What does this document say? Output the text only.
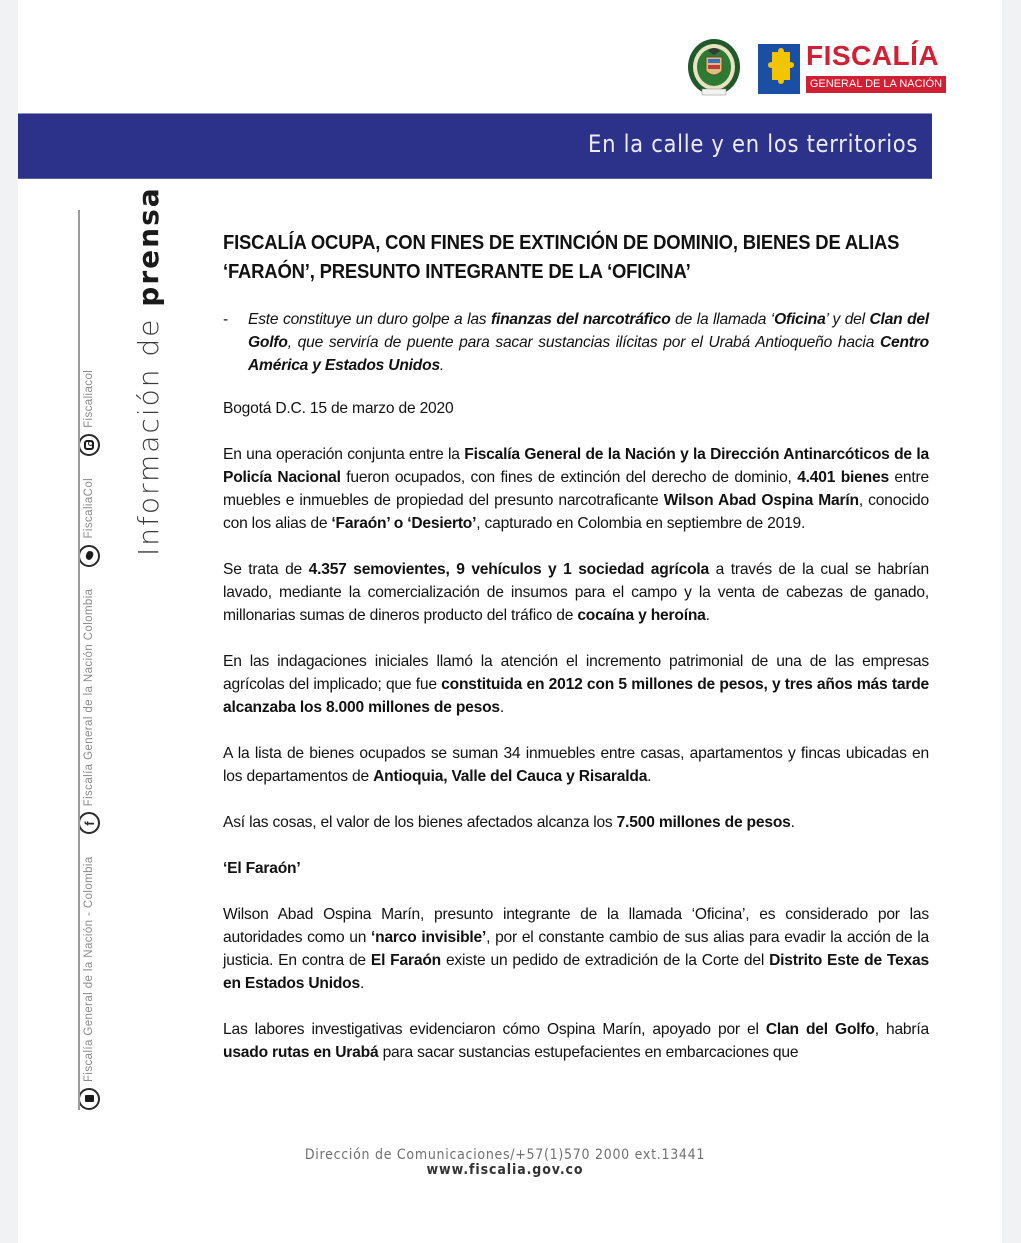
FISCALÍA
GENERAL DE LA NACIÓN
En la calle y en los territorios
Fiscalía General de la Nación - Colombia
f
Fiscalía General de la Nación Colombia
FiscaliaCol
Fiscaliacol Información de prensa	FISCALÍA OCUPA, CON FINES DE EXTINCIÓN DE DOMINIO, BIENES DE ALIAS ‘FARAÓN’, PRESUNTO INTEGRANTE DE LA ‘OFICINA’
- Este constituye un duro golpe a las finanzas del narcotráfico de la llamada ‘Oficina’ y del Clan del Golfo, que serviría de puente para sacar sustancias ilícitas por el Urabá Antioqueño hacia Centro América y Estados Unidos.

Bogotá D.C. 15 de marzo de 2020

En una operación conjunta entre la Fiscalía General de la Nación y la Dirección Antinarcóticos de la Policía Nacional fueron ocupados, con fines de extinción del derecho de dominio, 4.401 bienes entre muebles e inmuebles de propiedad del presunto narcotraficante Wilson Abad Ospina Marín, conocido con los alias de ‘Faraón’ o ‘Desierto’, capturado en Colombia en septiembre de 2019.

Se trata de 4.357 semovientes, 9 vehículos y 1 sociedad agrícola a través de la cual se habrían lavado, mediante la comercialización de insumos para el campo y la venta de cabezas de ganado, millonarias sumas de dineros producto del tráfico de cocaína y heroína.

En las indagaciones iniciales llamó la atención el incremento patrimonial de una de las empresas agrícolas del implicado; que fue constituida en 2012 con 5 millones de pesos, y tres años más tarde alcanzaba los 8.000 millones de pesos.

A la lista de bienes ocupados se suman 34 inmuebles entre casas, apartamentos y fincas ubicadas en los departamentos de Antioquia, Valle del Cauca y Risaralda.

Así las cosas, el valor de los bienes afectados alcanza los 7.500 millones de pesos.

‘El Faraón’

Wilson Abad Ospina Marín, presunto integrante de la llamada ‘Oficina’, es considerado por las autoridades como un ‘narco invisible’, por el constante cambio de sus alias para evadir la acción de la justicia. En contra de El Faraón existe un pedido de extradición de la Corte del Distrito Este de Texas en Estados Unidos.

Las labores investigativas evidenciaron cómo Ospina Marín, apoyado por el Clan del Golfo, habría usado rutas en Urabá para sacar sustancias estupefacientes en embarcaciones que

Dirección de Comunicaciones/+57(1)570 2000 ext.13441
www.fiscalia.gov.co
